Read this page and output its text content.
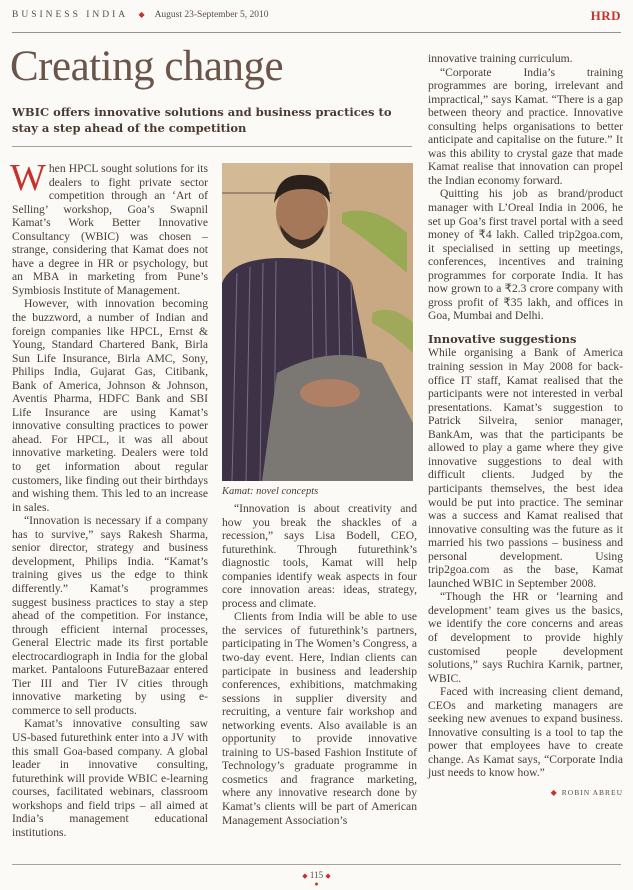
BUSINESS INDIA ◆ August 23-September 5, 2010	HRD
Creating change
WBIC offers innovative solutions and business practices to stay a step ahead of the competition

When HPCL sought solutions for its dealers to fight private sector competition through an ‘Art of Selling’ workshop, Goa’s Swapnil Kamat’s Work Better Innovative Consultancy (WBIC) was chosen – strange, considering that Kamat does not have a degree in HR or psychology, but an MBA in marketing from Pune’s Symbiosis Institute of Management.

However, with innovation becoming the buzzword, a number of Indian and foreign companies like HPCL, Ernst & Young, Standard Chartered Bank, Birla Sun Life Insurance, Birla AMC, Sony, Philips India, Gujarat Gas, Citibank, Bank of America, Johnson & Johnson, Aventis Pharma, HDFC Bank and SBI Life Insurance are using Kamat’s innovative consulting practices to power ahead. For HPCL, it was all about innovative marketing. Dealers were told to get information about regular customers, like finding out their birthdays and wishing them. This led to an increase in sales.

“Innovation is necessary if a company has to survive,” says Rakesh Sharma, senior director, strategy and business development, Philips India. “Kamat’s training gives us the edge to think differently.” Kamat’s programmes suggest business practices to stay a step ahead of the competition. For instance, through efficient internal processes, General Electric made its first portable electrocardiograph in India for the global market. Pantaloons FutureBazaar entered Tier III and Tier IV cities through innovative marketing by using e-commerce to sell products.

Kamat’s innovative consulting saw US-based futurethink enter into a JV with this small Goa-based company. A global leader in innovative consulting, futurethink will provide WBIC e-learning courses, facilitated webinars, classroom workshops and field trips – all aimed at India’s management educational institutions.

Kamat: novel concepts

“Innovation is about creativity and how you break the shackles of a recession,” says Lisa Bodell, CEO, futurethink. Through futurethink’s diagnostic tools, Kamat will help companies identify weak aspects in four core innovation areas: ideas, strategy, process and climate.

Clients from India will be able to use the services of futurethink’s partners, participating in The Women’s Congress, a two-day event. Here, Indian clients can participate in business and leadership conferences, exhibitions, matchmaking sessions in supplier diversity and recruiting, a venture fair workshop and networking events. Also available is an opportunity to provide innovative training to US-based Fashion Institute of Technology’s graduate programme in cosmetics and fragrance marketing, where any innovative research done by Kamat’s clients will be part of American Management Association’s

innovative training curriculum.

“Corporate India’s training programmes are boring, irrelevant and impractical,” says Kamat. “There is a gap between theory and practice. Innovative consulting helps organisations to better anticipate and capitalise on the future.” It was this ability to crystal gaze that made Kamat realise that innovation can propel the Indian economy forward.

Quitting his job as brand/product manager with L’Oreal India in 2006, he set up Goa’s first travel portal with a seed money of ₹4 lakh. Called trip2goa.com, it specialised in setting up meetings, conferences, incentives and training programmes for corporate India. It has now grown to a ₹2.3 crore company with gross profit of ₹35 lakh, and offices in Goa, Mumbai and Delhi.

Innovative suggestions

While organising a Bank of America training session in May 2008 for back-office IT staff, Kamat realised that the participants were not interested in verbal presentations. Kamat’s suggestion to Patrick Silveira, senior manager, BankAm, was that the participants be allowed to play a game where they give innovative suggestions to deal with difficult clients. Judged by the participants themselves, the best idea would be put into practice. The seminar was a success and Kamat realised that innovative consulting was the future as it married his two passions – business and personal development. Using trip2goa.com as the base, Kamat launched WBIC in September 2008.

“Though the HR or ‘learning and development’ team gives us the basics, we identify the core concerns and areas of development to provide highly customised people development solutions,” says Ruchira Karnik, partner, WBIC.

Faced with increasing client demand, CEOs and marketing managers are seeking new avenues to expand business. Innovative consulting is a tool to tap the power that employees have to create change. As Kamat says, “Corporate India just needs to know how.”

◆ ROBIN ABREU
◆ 115 ◆
●
